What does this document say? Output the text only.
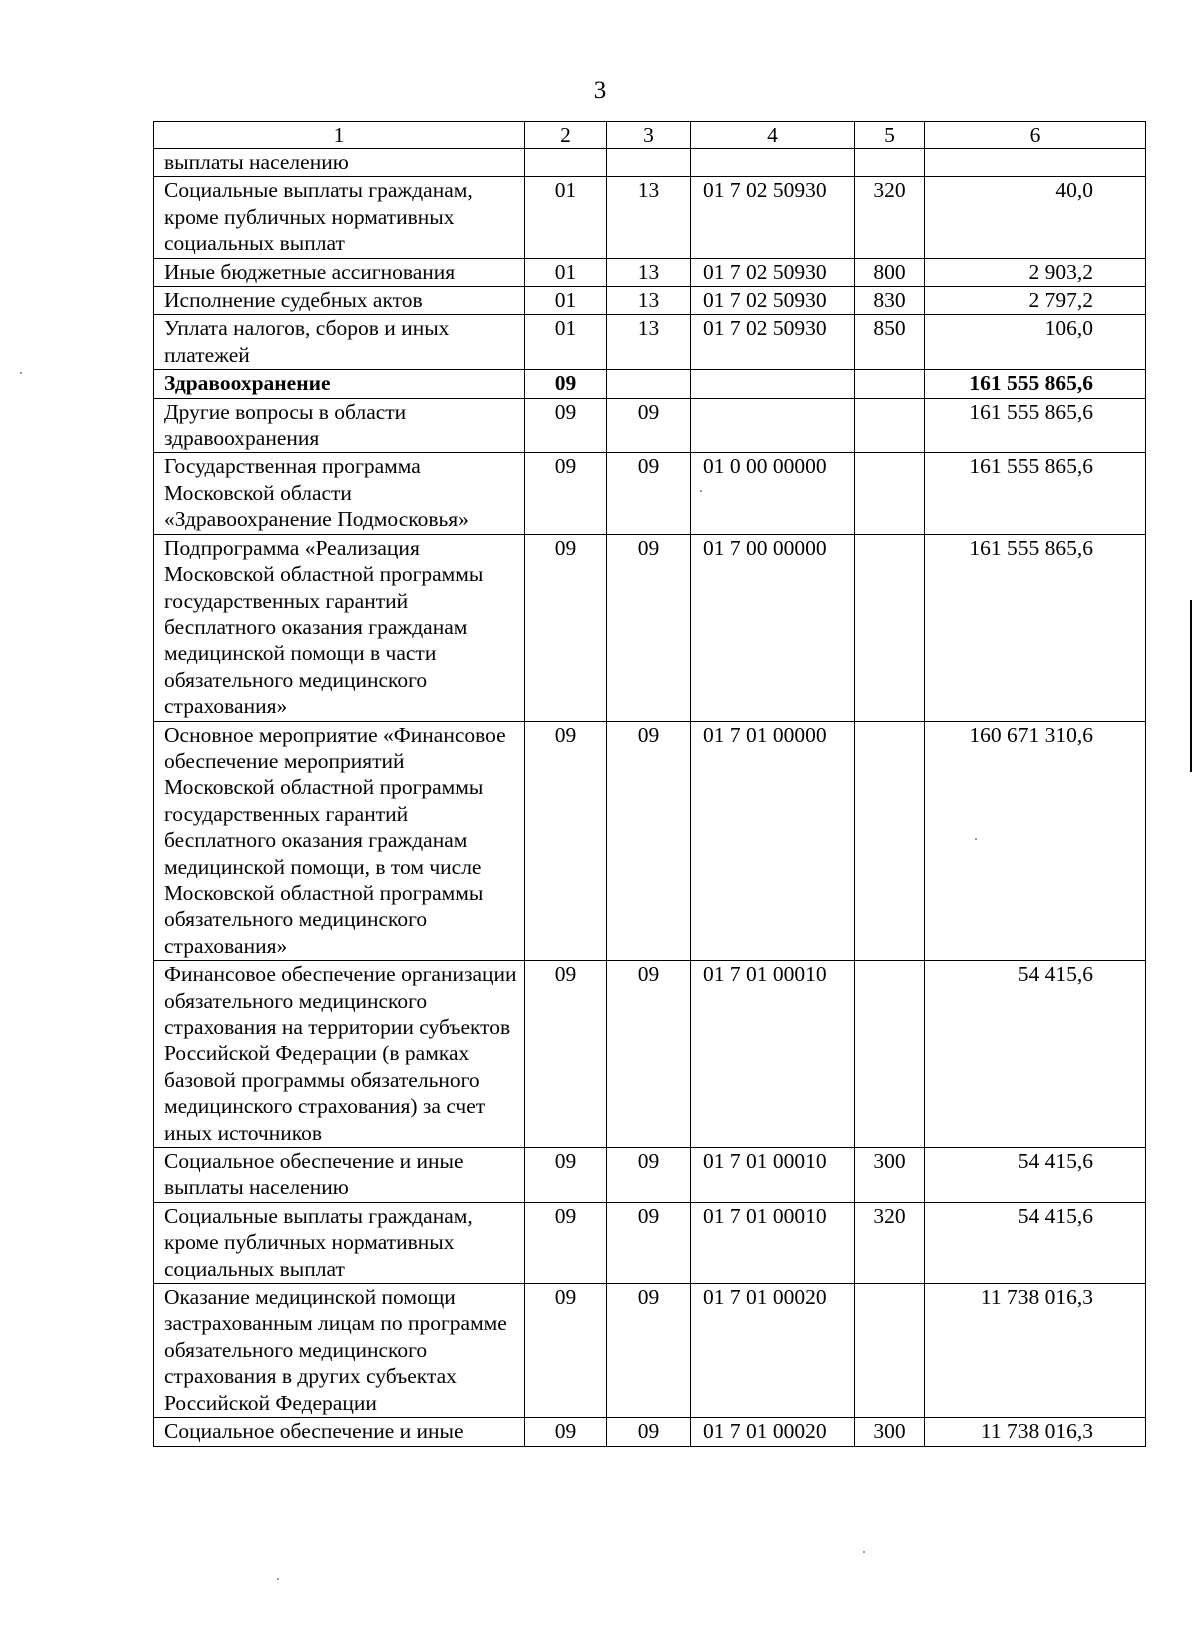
3
1	2	3	4	5	6
выплаты населению					
Социальные выплаты гражданам, кроме публичных нормативных социальных выплат	01	13	01 7 02 50930	320	40,0
Иные бюджетные ассигнования	01	13	01 7 02 50930	800	2 903,2
Исполнение судебных актов	01	13	01 7 02 50930	830	2 797,2
Уплата налогов, сборов и иных платежей	01	13	01 7 02 50930	850	106,0
Здравоохранение	09				161 555 865,6
Другие вопросы в области здравоохранения	09	09			161 555 865,6
Государственная программа Московской области «Здравоохранение Подмосковья»	09	09	01 0 00 00000		161 555 865,6
Подпрограмма «Реализация Московской областной программы государственных гарантий бесплатного оказания гражданам медицинской помощи в части обязательного медицинского страхования»	09	09	01 7 00 00000		161 555 865,6
Основное мероприятие «Финансовое обеспечение мероприятий Московской областной программы государственных гарантий бесплатного оказания гражданам медицинской помощи, в том числе Московской областной программы обязательного медицинского страхования»	09	09	01 7 01 00000		160 671 310,6
Финансовое обеспечение организации обязательного медицинского страхования на территории субъектов Российской Федерации (в рамках базовой программы обязательного медицинского страхования) за счет иных источников	09	09	01 7 01 00010		54 415,6
Социальное обеспечение и иные выплаты населению	09	09	01 7 01 00010	300	54 415,6
Социальные выплаты гражданам, кроме публичных нормативных социальных выплат	09	09	01 7 01 00010	320	54 415,6
Оказание медицинской помощи застрахованным лицам по программе обязательного медицинского страхования в других субъектах Российской Федерации	09	09	01 7 01 00020		11 738 016,3
Социальное обеспечение и иные	09	09	01 7 01 00020	300	11 738 016,3
